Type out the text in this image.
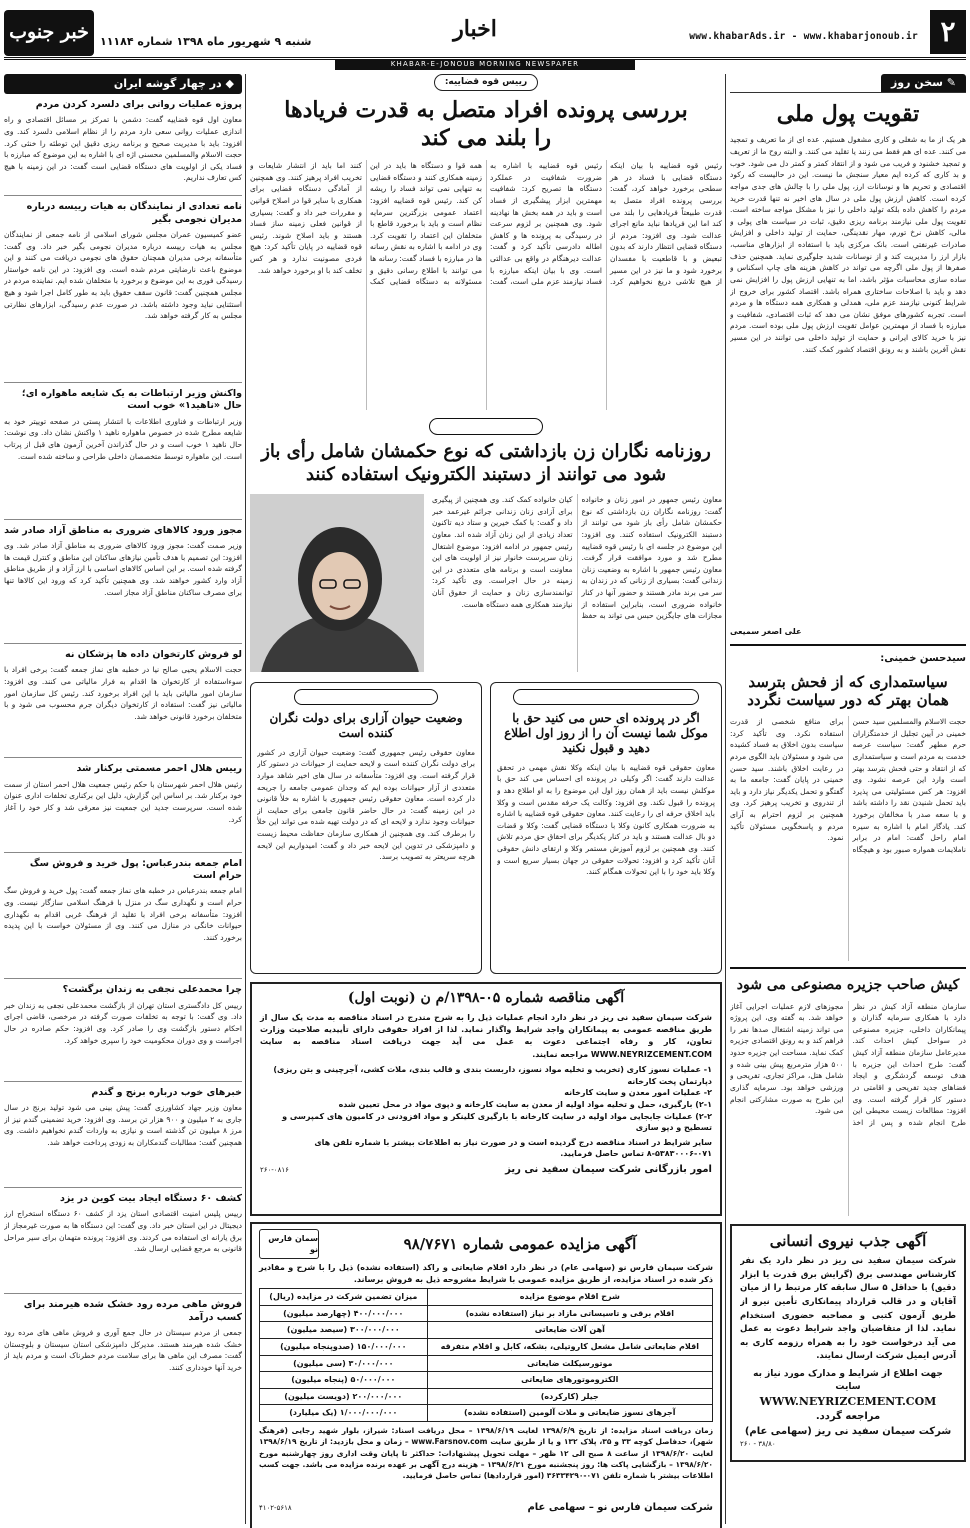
۲
www.khabarAds.ir - www.khabarjonoub.ir
اخبار
شنبه ۹ شهریور ماه ۱۳۹۸ شماره ۱۱۱۸۴
خبر جنوب
KHABAR-E-JONOUB MORNING NEWSPAPER
✎ سخن روز
تقویت پول ملی
هر یک از ما به شغلی و کاری مشغول هستیم. عده ای از ما تعریف و تمجید می کنند. عده ای هم فقط می زنند یا تقلید می کنند. و البته روح ما از تعریف و تمجید خشنود و فریب می شود و از انتقاد کمتر و کمتر دل می شود. خوب و بد کاری که کرده ایم معیار سنجش ما نیست. این در حالیست که رکود اقتصادی و تحریم ها و نوسانات ارز، پول ملی را با چالش های جدی مواجه کرده است. کاهش ارزش پول ملی در سال های اخیر نه تنها قدرت خرید مردم را کاهش داده بلکه تولید داخلی را نیز با مشکل مواجه ساخته است. تقویت پول ملی نیازمند برنامه ریزی دقیق، ثبات در سیاست های پولی و مالی، کاهش نرخ تورم، مهار نقدینگی، حمایت از تولید داخلی و افزایش صادرات غیرنفتی است. بانک مرکزی باید با استفاده از ابزارهای مناسب، بازار ارز را مدیریت کند و از نوسانات شدید جلوگیری نماید. همچنین حذف صفرها از پول ملی اگرچه می تواند در کاهش هزینه های چاپ اسکناس و ساده سازی محاسبات مؤثر باشد، اما به تنهایی ارزش پول را افزایش نمی دهد و باید با اصلاحات ساختاری همراه باشد. اقتصاد کشور برای خروج از شرایط کنونی نیازمند عزم ملی، همدلی و همکاری همه دستگاه ها و مردم است. تجربه کشورهای موفق نشان می دهد که ثبات اقتصادی، شفافیت و مبارزه با فساد از مهمترین عوامل تقویت ارزش پول ملی بوده است. مردم نیز با خرید کالای ایرانی و حمایت از تولید داخلی می توانند در این مسیر نقش آفرین باشند و به رونق اقتصاد کشور کمک کنند.
علی اصغر سمیعی
سیدحسن خمینی:
سیاستمداری که از فحش بترسد همان بهتر که دور سیاست نگردد
حجت الاسلام والمسلمین سید حسن خمینی در آیین تجلیل از خدمتگزاران حرم مطهر گفت: سیاست عرصه خدمت به مردم است و سیاستمداری که از انتقاد و حتی فحش بترسد بهتر است وارد این عرصه نشود. وی افزود: هر کس مسئولیتی می پذیرد باید تحمل شنیدن نقد را داشته باشد و با سعه صدر با مخالفان برخورد کند. یادگار امام با اشاره به سیره امام راحل گفت: امام در برابر ناملایمات همواره صبور بود و هیچگاه برای منافع شخصی از قدرت استفاده نکرد. وی تأکید کرد: سیاست بدون اخلاق به فساد کشیده می شود و مسئولان باید الگوی مردم در رعایت اخلاق باشند. سید حسن خمینی در پایان گفت: جامعه ما به گفتگو و تحمل یکدیگر نیاز دارد و باید از تندروی و تخریب پرهیز کرد. وی همچنین بر لزوم احترام به آرای مردم و پاسخگویی مسئولان تأکید نمود.
کیش صاحب جزیره مصنوعی می شود
سازمان منطقه آزاد کیش در نظر دارد با همکاری سرمایه گذاران و پیمانکاران داخلی، جزیره مصنوعی در سواحل کیش احداث کند. مدیرعامل سازمان منطقه آزاد کیش گفت: طرح احداث این جزیره با هدف توسعه گردشگری و ایجاد فضاهای جدید تفریحی و اقامتی در دستور کار قرار گرفته است. وی افزود: مطالعات زیست محیطی این طرح انجام شده و پس از اخذ مجوزهای لازم عملیات اجرایی آغاز خواهد شد. به گفته وی، این پروژه می تواند زمینه اشتغال صدها نفر را فراهم کند و به رونق اقتصادی جزیره کمک نماید. مساحت این جزیره حدود ۵۰۰ هزار مترمربع پیش بینی شده و شامل هتل، مراکز تجاری، تفریحی و ورزشی خواهد بود. سرمایه گذاری این طرح به صورت مشارکتی انجام می شود.
آگهی جذب نیروی انسانی
شرکت سیمان سفید نی ریز در نظر دارد یک نفر کارشناس مهندسی برق (گرایش برق قدرت یا ابزار دقیق) با حداقل ۵ سال سابقه کار مرتبط را از میان آقایان و در قالب قرارداد پیمانکاری تأمین نیرو از طریق آزمون کتبی و مصاحبه حضوری استخدام نماید. لذا از متقاضیان واجد شرایط دعوت به عمل می آید درخواست خود را به همراه رزومه کاری به آدرس ایمیل شرکت ارسال نمایند.
جهت اطلاع از شرایط و مدارک مورد نیاز به سایت
WWW.NEYRIZCEMENT.COM
مراجعه گردد.
شرکت سیمان سفید نی ریز (سهامی عام)
۳۸/۸۰ - ۲۶۰
رییس قوه قضاییه:
بررسی پرونده افراد متصل به قدرت فریادها را بلند می کند
رئیس قوه قضاییه با بیان اینکه دستگاه قضایی با فساد در هر سطحی برخورد خواهد کرد، گفت: بررسی پرونده افراد متصل به قدرت طبیعتاً فریادهایی را بلند می کند اما این فریادها نباید مانع اجرای عدالت شود. وی افزود: مردم از دستگاه قضایی انتظار دارند که بدون تبعیض و با قاطعیت با مفسدان برخورد شود و ما نیز در این مسیر از هیچ تلاشی دریغ نخواهیم کرد. رئیس قوه قضاییه با اشاره به ضرورت شفافیت در عملکرد دستگاه ها تصریح کرد: شفافیت مهمترین ابزار پیشگیری از فساد است و باید در همه بخش ها نهادینه شود. وی همچنین بر لزوم سرعت در رسیدگی به پرونده ها و کاهش اطاله دادرسی تأکید کرد و گفت: عدالت دیرهنگام در واقع بی عدالتی است. وی با بیان اینکه مبارزه با فساد نیازمند عزم ملی است، گفت: همه قوا و دستگاه ها باید در این زمینه همکاری کنند و دستگاه قضایی به تنهایی نمی تواند فساد را ریشه کن کند. رئیس قوه قضاییه افزود: اعتماد عمومی بزرگترین سرمایه نظام است و باید با برخورد قاطع با متخلفان این اعتماد را تقویت کرد. وی در ادامه با اشاره به نقش رسانه ها در مبارزه با فساد گفت: رسانه ها می توانند با اطلاع رسانی دقیق و مسئولانه به دستگاه قضایی کمک کنند اما باید از انتشار شایعات و تخریب افراد پرهیز کنند. وی همچنین از آمادگی دستگاه قضایی برای همکاری با سایر قوا در اصلاح قوانین و مقررات خبر داد و گفت: بسیاری از قوانین فعلی زمینه ساز فساد هستند و باید اصلاح شوند. رئیس قوه قضاییه در پایان تأکید کرد: هیچ فردی مصونیت ندارد و هر کس تخلف کند با او برخورد خواهد شد.
معاون رییس جمهور:
روزنامه نگاران زن بازداشتی که نوع حکمشان شامل رأی باز شود می توانند از دستبند الکترونیک استفاده کنند
معاون رئیس جمهور در امور زنان و خانواده گفت: روزنامه نگاران زن بازداشتی که نوع حکمشان شامل رأی باز شود می توانند از دستبند الکترونیک استفاده کنند. وی افزود: این موضوع در جلسه ای با رئیس قوه قضاییه مطرح شد و مورد موافقت قرار گرفت. معاون رئیس جمهور با اشاره به وضعیت زنان زندانی گفت: بسیاری از زنانی که در زندان به سر می برند مادر هستند و حضور آنها در کنار خانواده ضروری است، بنابراین استفاده از مجازات های جایگزین حبس می تواند به حفظ کیان خانواده کمک کند. وی همچنین از پیگیری برای آزادی زنان زندانی جرائم غیرعمد خبر داد و گفت: با کمک خیرین و ستاد دیه تاکنون تعداد زیادی از این زنان آزاد شده اند. معاون رئیس جمهور در ادامه افزود: موضوع اشتغال زنان سرپرست خانوار نیز از اولویت های این معاونت است و برنامه های متعددی در این زمینه در حال اجراست. وی تأکید کرد: توانمندسازی زنان و حمایت از حقوق آنان نیازمند همکاری همه دستگاه هاست.
توصیه معاون حقوقی قوه قضاییه به وکلا:
اگر در پرونده ای حس می کنید حق با موکل شما نیست آن را از روز اول اطلاع دهید و قبول نکنید
معاون حقوقی قوه قضاییه با بیان اینکه وکلا نقش مهمی در تحقق عدالت دارند گفت: اگر وکیلی در پرونده ای احساس می کند حق با موکلش نیست باید از همان روز اول این موضوع را به او اطلاع دهد و پرونده را قبول نکند. وی افزود: وکالت یک حرفه مقدس است و وکلا باید اخلاق حرفه ای را رعایت کنند. معاون حقوقی قوه قضاییه با اشاره به ضرورت همکاری کانون وکلا با دستگاه قضایی گفت: وکلا و قضات دو بال عدالت هستند و باید در کنار یکدیگر برای احقاق حق مردم تلاش کنند. وی همچنین بر لزوم آموزش مستمر وکلا و ارتقای دانش حقوقی آنان تأکید کرد و افزود: تحولات حقوقی در جهان بسیار سریع است و وکلا باید خود را با این تحولات همگام کنند.
معاون حقوقی رییس جمهوری:
وضعیت حیوان آزاری برای دولت نگران کننده است
معاون حقوقی رئیس جمهوری گفت: وضعیت حیوان آزاری در کشور برای دولت نگران کننده است و لایحه حمایت از حیوانات در دستور کار قرار گرفته است. وی افزود: متأسفانه در سال های اخیر شاهد موارد متعددی از آزار حیوانات بوده ایم که وجدان عمومی جامعه را جریحه دار کرده است. معاون حقوقی رئیس جمهوری با اشاره به خلأ قانونی در این زمینه گفت: در حال حاضر قانون جامعی برای حمایت از حیوانات وجود ندارد و لایحه ای که در دولت تهیه شده می تواند این خلأ را برطرف کند. وی همچنین از همکاری سازمان حفاظت محیط زیست و دامپزشکی در تدوین این لایحه خبر داد و گفت: امیدواریم این لایحه هرچه سریعتر به تصویب برسد.
آگهی مناقصه شماره ۰۵-۱۳۹۸/م ن (نوبت اول)
شرکت سیمان سفید نی ریز در نظر دارد انجام عملیات ذیل را به شرح مندرج در اسناد مناقصه به مدت یک سال از طریق مناقصه عمومی به پیمانکاران واجد شرایط واگذار نماید. لذا از افراد حقوقی دارای تأییدیه صلاحیت وزارت تعاون، کار و رفاه اجتماعی دعوت به عمل می آید جهت دریافت اسناد مناقصه به سایت WWW.NEYRIZCEMENT.COM مراجعه نمایند.
۱- عملیات نسوز کاری (تخریب و تخلیه مواد نسوز، داربست بندی و قالب بندی، ملات کشی، آجرچینی و بتن ریزی) دپارتمان پخت کارخانه
۲- عملیات امور معدن و سایت کارخانه
۲-۱) بارگیری، حمل و تخلیه مواد اولیه از معدن به سایت کارخانه و دپوی مواد در محل تعیین شده
۲-۲) عملیات جابجایی مواد اولیه در سایت کارخانه با بارگیری کلینکر و مواد افزودنی در کامیون های کمپرسی و تسطیح و دپو سازی
سایر شرایط در اسناد مناقصه درج گردیده است و در صورت نیاز به اطلاعات بیشتر با شماره تلفن های ۰۷۱-۵۳۸۳۰۰۰۶-۸ تماس حاصل فرمایید.
امور بازرگانی شرکت سیمان سفید نی ریز
۲۶۰-۰۸۱۶
آگهی مزایده عمومی شماره ۹۸/۷۶۷۱
سمان فارس نو
شرکت سیمان فارس نو (سهامی عام) در نظر دارد اقلام ضایعاتی و راکد (استفاده نشده) ذیل را با شرح و مقادیر ذکر شده در اسناد مزایده، از طریق مزایده عمومی با شرایط مشروحه ذیل به فروش برساند.
شرح اقلام موضوع مزایده	میزان تضمین شرکت در مزایده (ریال)
اقلام برقی و تاسیساتی مازاد بر نیاز (استفاده نشده)	۴۰۰/۰۰۰/۰۰۰ (چهارصد میلیون)
آهن آلات ضایعاتی	۳۰۰/۰۰۰/۰۰۰ (سیصد میلیون)
اقلام ضایعاتی شامل مشعل کاروتیلی، بشکه، کابل و اقلام متفرقه	۱۵۰/۰۰۰/۰۰۰ (صدوپنجاه میلیون)
موتورسیکلت ضایعاتی	۳۰/۰۰۰/۰۰۰ (سی میلیون)
الکتروموتورهای ضایعاتی	۵۰/۰۰۰/۰۰۰ (پنجاه میلیون)
جیلر (کارکرده)	۲۰۰/۰۰۰/۰۰۰ (دویست میلیون)
آجرهای نسوز ضایعاتی و ملات آلومین (استفاده نشده)	۱/۰۰۰/۰۰۰/۰۰۰ (یک میلیارد)
زمان دریافت اسناد مزایده: از تاریخ ۱۳۹۸/۶/۹ لغایت ۱۳۹۸/۶/۱۹ – محل دریافت اسناد: شیراز، بلوار شهید رجایی (فرهنگ شهر)، حدفاصل کوچه ۳۳ و ۳۵، پلاک ۱۳۲ و یا از طریق سایت www.Farsnov.com – زمان و محل بازدید: از تاریخ ۱۳۹۸/۶/۱۹ لغایت ۱۳۹۸/۶/۲۰ از ساعت ۸ صبح الی ۱۲ ظهر – مهلت تحویل پیشنهادات: حداکثر تا پایان وقت اداری روز چهارشنبه مورخ ۱۳۹۸/۶/۲۰ – بازگشایی پاکت ها: روز پنجشنبه مورخ ۱۳۹۸/۶/۲۱ – هزینه درج آگهی بر عهده برنده مزایده می باشد. جهت کسب اطلاعات بیشتر با شماره تلفن ۰۷۱-۳۶۳۳۴۲۹۰ (امور قراردادها) تماس حاصل فرمایید.
شرکت سیمان فارس نو – سهامی عام
۴۱۰۲-۵۶۱۸
◆ در چهار گوشه ایران
پروژه عملیات روانی برای دلسرد کردن مردم
معاون اول قوه قضاییه گفت: دشمن با تمرکز بر مسائل اقتصادی و راه اندازی عملیات روانی سعی دارد مردم را از نظام اسلامی دلسرد کند. وی افزود: باید با مدیریت صحیح و برنامه ریزی دقیق این توطئه را خنثی کرد. حجت الاسلام والمسلمین محسنی اژه ای با اشاره به این موضوع که مبارزه با فساد یکی از اولویت های دستگاه قضایی است گفت: در این زمینه با هیچ کس تعارف نداریم.
نامه تعدادی از نمایندگان به هیات رییسه درباره مدیران نجومی بگیر
عضو کمیسیون عمران مجلس شورای اسلامی از نامه جمعی از نمایندگان مجلس به هیات رییسه درباره مدیران نجومی بگیر خبر داد. وی گفت: متأسفانه برخی مدیران همچنان حقوق های نجومی دریافت می کنند و این موضوع باعث نارضایتی مردم شده است. وی افزود: در این نامه خواستار رسیدگی فوری به این موضوع و برخورد با متخلفان شده ایم. نماینده مردم در مجلس همچنین گفت: قانون سقف حقوق باید به طور کامل اجرا شود و هیچ استثنایی نباید وجود داشته باشد. در صورت عدم رسیدگی، ابزارهای نظارتی مجلس به کار گرفته خواهد شد.
واکنش وزیر ارتباطات به یک شایعه ماهواره ای؛ حال «ناهید۱» خوب است
وزیر ارتباطات و فناوری اطلاعات با انتشار پستی در صفحه توییتر خود به شایعه مطرح شده در خصوص ماهواره ناهید ۱ واکنش نشان داد. وی نوشت: حال ناهید ۱ خوب است و در حال گذراندن آخرین آزمون های قبل از پرتاب است. این ماهواره توسط متخصصان داخلی طراحی و ساخته شده است.
مجوز ورود کالاهای ضروری به مناطق آزاد صادر شد
وزیر صمت گفت: مجوز ورود کالاهای ضروری به مناطق آزاد صادر شد. وی افزود: این تصمیم با هدف تأمین نیازهای ساکنان این مناطق و کنترل قیمت ها گرفته شده است. بر این اساس کالاهای اساسی با ارز آزاد و از طریق مناطق آزاد وارد کشور خواهند شد. وی همچنین تأکید کرد که ورود این کالاها تنها برای مصرف ساکنان مناطق آزاد مجاز است.
لو فروش کارتخوان داده ها پزشکان نه
حجت الاسلام یحیی صالح نیا در خطبه های نماز جمعه گفت: برخی افراد با سوءاستفاده از کارتخوان ها اقدام به فرار مالیاتی می کنند. وی افزود: سازمان امور مالیاتی باید با این افراد برخورد کند. رئیس کل سازمان امور مالیاتی نیز گفت: استفاده از کارتخوان دیگران جرم محسوب می شود و با متخلفان برخورد قانونی خواهد شد.
رییس هلال احمر مسمتی برکنار شد
رئیس هلال احمر شهرستان با حکم رئیس جمعیت هلال احمر استان از سمت خود برکنار شد. بر اساس این گزارش، دلیل این برکناری تخلفات اداری عنوان شده است. سرپرست جدید این جمعیت نیز معرفی شد و کار خود را آغاز کرد.
امام جمعه بندرعباس: پول خرید و فروش سگ حرام است
امام جمعه بندرعباس در خطبه های نماز جمعه گفت: پول خرید و فروش سگ حرام است و نگهداری سگ در منزل با فرهنگ اسلامی سازگار نیست. وی افزود: متأسفانه برخی افراد با تقلید از فرهنگ غربی اقدام به نگهداری حیوانات خانگی در منازل می کنند. وی از مسئولان خواست با این پدیده برخورد کنند.
چرا محمدعلی نجفی به زندان برگشت؟
رییس کل دادگستری استان تهران از بازگشت محمدعلی نجفی به زندان خبر داد. وی گفت: با توجه به تخلفات صورت گرفته در مرخصی، قاضی اجرای احکام دستور بازگشت وی را صادر کرد. وی افزود: حکم صادره در حال اجراست و وی دوران محکومیت خود را سپری خواهد کرد.
خبرهای خوب درباره برنج و گندم
معاون وزیر جهاد کشاورزی گفت: پیش بینی می شود تولید برنج در سال جاری به ۲ میلیون و ۹۰۰ هزار تن برسد. وی افزود: خرید تضمینی گندم نیز از مرز ۸ میلیون تن گذشته است و نیازی به واردات گندم نخواهیم داشت. وی همچنین گفت: مطالبات گندمکاران به زودی پرداخت خواهد شد.
کشف ۶۰ دستگاه ایجاد بیت کوین در یزد
رییس پلیس امنیت اقتصادی استان یزد از کشف ۶۰ دستگاه استخراج ارز دیجیتال در این استان خبر داد. وی گفت: این دستگاه ها به صورت غیرمجاز از برق یارانه ای استفاده می کردند. وی افزود: پرونده متهمان برای سیر مراحل قانونی به مرجع قضایی ارسال شد.
فروش ماهی مرده رود خشک شده هیرمند برای کسب درآمد
جمعی از مردم سیستان در حال جمع آوری و فروش ماهی های مرده رود خشک شده هیرمند هستند. مدیرکل دامپزشکی استان سیستان و بلوچستان گفت: مصرف این ماهی ها برای سلامت مردم خطرناک است و مردم باید از خرید آنها خودداری کنند.
